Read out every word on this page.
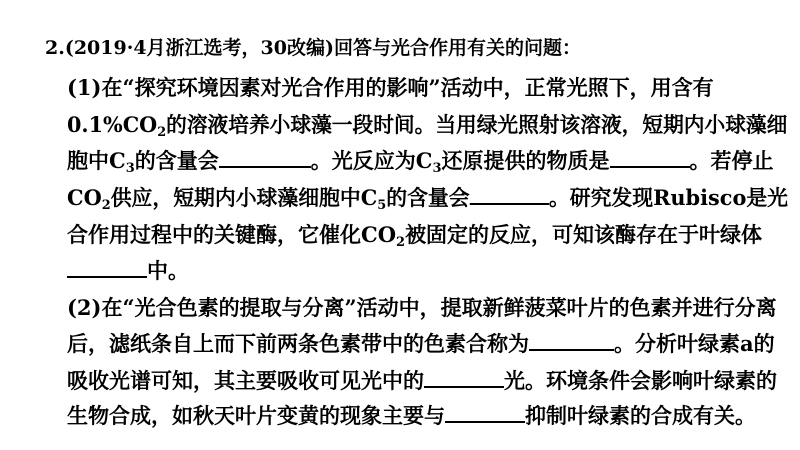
2.(2019·4月浙江选考，30改编)回答与光合作用有关的问题：
(1)在“探究环境因素对光合作用的影响”活动中，正常光照下，用含有
$0.1\%CO_2$的溶液培养小球藻一段时间。当用绿光照射该溶液，短期内小球藻细
胞中$C_3$的含量会	。光反应为$C_3$还原提供的物质是	。若停止
$CO_2$供应，短期内小球藻细胞中$C_5$的含量会	。研究发现Rubisco是光
合作用过程中的关键酶，它催化$CO_2$被固定的反应，可知该酶存在于叶绿体
中。
(2)在“光合色素的提取与分离”活动中，提取新鲜菠菜叶片的色素并进行分离
后，滤纸条自上而下前两条色素带中的色素合称为	。分析叶绿素a的
吸收光谱可知，其主要吸收可见光中的	光。环境条件会影响叶绿素的
生物合成，如秋天叶片变黄的现象主要与	抑制叶绿素的合成有关。
